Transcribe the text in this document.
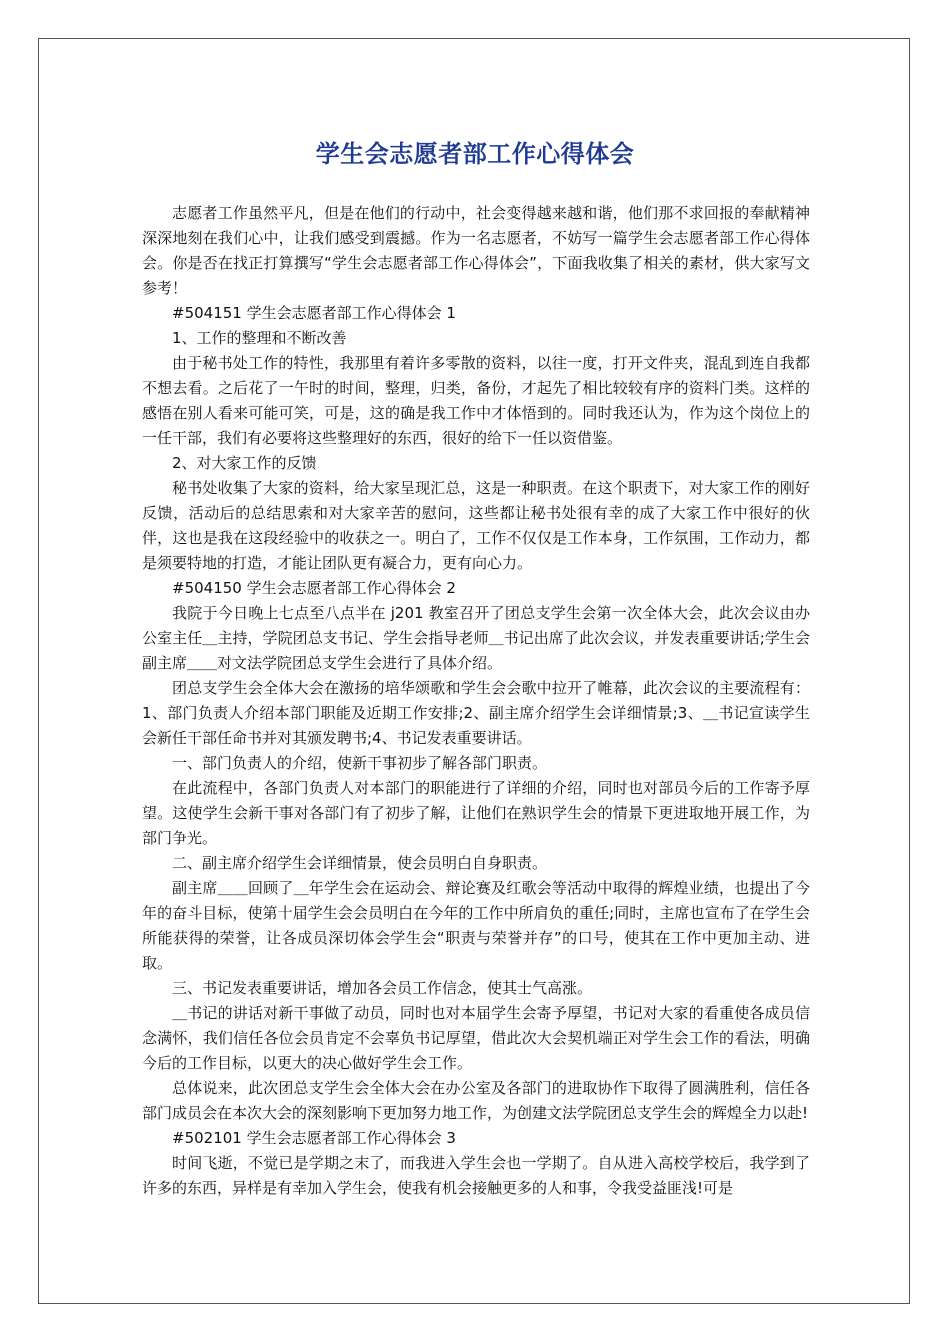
学生会志愿者部工作心得体会

志愿者工作虽然平凡，但是在他们的行动中，社会变得越来越和谐，他们那不求回报的奉献精神深深地刻在我们心中，让我们感受到震撼。作为一名志愿者，不妨写一篇学生会志愿者部工作心得体会。你是否在找正打算撰写“学生会志愿者部工作心得体会”，下面我收集了相关的素材，供大家写文参考！

#504151 学生会志愿者部工作心得体会 1

1、工作的整理和不断改善

由于秘书处工作的特性，我那里有着许多零散的资料，以往一度，打开文件夹，混乱到连自我都不想去看。之后花了一午时的时间，整理，归类，备份，才起先了相比较较有序的资料门类。这样的感悟在别人看来可能可笑，可是，这的确是我工作中才体悟到的。同时我还认为，作为这个岗位上的一任干部，我们有必要将这些整理好的东西，很好的给下一任以资借鉴。

2、对大家工作的反馈

秘书处收集了大家的资料，给大家呈现汇总，这是一种职责。在这个职责下，对大家工作的刚好反馈，活动后的总结思索和对大家辛苦的慰问，这些都让秘书处很有幸的成了大家工作中很好的伙伴，这也是我在这段经验中的收获之一。明白了，工作不仅仅是工作本身，工作氛围，工作动力，都是须要特地的打造，才能让团队更有凝合力，更有向心力。

#504150 学生会志愿者部工作心得体会 2

我院于今日晚上七点至八点半在 j201 教室召开了团总支学生会第一次全体大会，此次会议由办公室主任＿主持，学院团总支书记、学生会指导老师＿书记出席了此次会议，并发表重要讲话;学生会副主席＿＿对文法学院团总支学生会进行了具体介绍。

团总支学生会全体大会在激扬的培华颂歌和学生会会歌中拉开了帷幕，此次会议的主要流程有：1、部门负责人介绍本部门职能及近期工作安排;2、副主席介绍学生会详细情景;3、＿书记宣读学生会新任干部任命书并对其颁发聘书;4、书记发表重要讲话。

一、部门负责人的介绍，使新干事初步了解各部门职责。

在此流程中，各部门负责人对本部门的职能进行了详细的介绍，同时也对部员今后的工作寄予厚望。这使学生会新干事对各部门有了初步了解，让他们在熟识学生会的情景下更进取地开展工作，为部门争光。

二、副主席介绍学生会详细情景，使会员明白自身职责。

副主席＿＿回顾了＿年学生会在运动会、辩论赛及红歌会等活动中取得的辉煌业绩，也提出了今年的奋斗目标，使第十届学生会会员明白在今年的工作中所肩负的重任;同时，主席也宣布了在学生会所能获得的荣誉，让各成员深切体会学生会“职责与荣誉并存”的口号，使其在工作中更加主动、进取。

三、书记发表重要讲话，增加各会员工作信念，使其士气高涨。

＿书记的讲话对新干事做了动员，同时也对本届学生会寄予厚望，书记对大家的看重使各成员信念满怀，我们信任各位会员肯定不会辜负书记厚望，借此次大会契机端正对学生会工作的看法，明确今后的工作目标，以更大的决心做好学生会工作。

总体说来，此次团总支学生会全体大会在办公室及各部门的进取协作下取得了圆满胜利，信任各部门成员会在本次大会的深刻影响下更加努力地工作，为创建文法学院团总支学生会的辉煌全力以赴!

#502101 学生会志愿者部工作心得体会 3

时间飞逝，不觉已是学期之末了，而我进入学生会也一学期了。自从进入高校学校后，我学到了许多的东西，异样是有幸加入学生会，使我有机会接触更多的人和事，令我受益匪浅!可是
